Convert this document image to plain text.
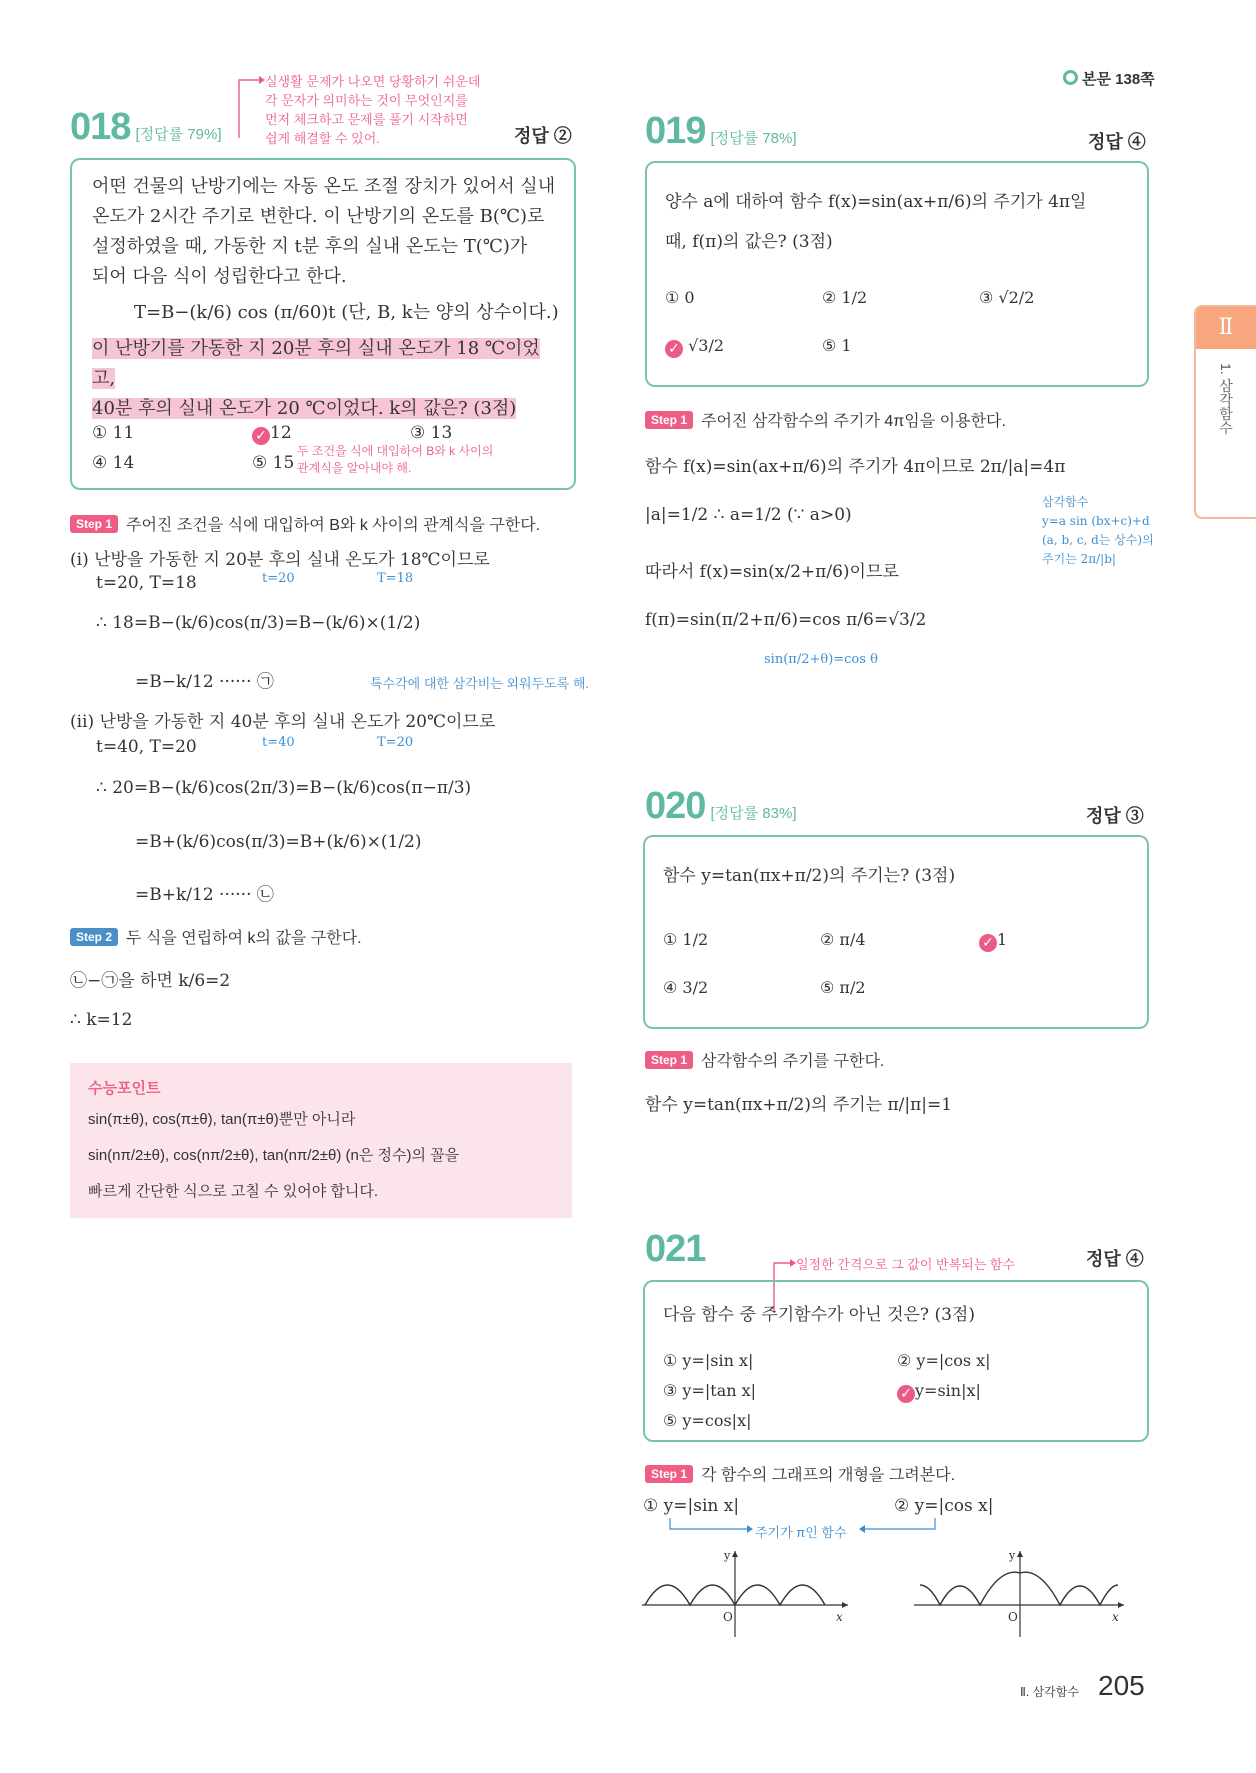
본문 138쪽
Ⅱ
1. 삼각함수
018 [정답률 79%]	정답 ②
실생활 문제가 나오면 당황하기 쉬운데
각 문자가 의미하는 것이 무엇인지를
먼저 체크하고 문제를 풀기 시작하면
쉽게 해결할 수 있어.
어떤 건물의 난방기에는 자동 온도 조절 장치가 있어서 실내
온도가 2시간 주기로 변한다. 이 난방기의 온도를 B(℃)로
설정하였을 때, 가동한 지 t분 후의 실내 온도는 T(℃)가
되어 다음 식이 성립한다고 한다.
T=B−(k/6) cos (π/60)t (단, B, k는 양의 상수이다.)
이 난방기를 가동한 지 20분 후의 실내 온도가 18 ℃이었고,
40분 후의 실내 온도가 20 ℃이었다. k의 값은? (3점)
① 11	✓ 12	③ 13
④ 14	⑤ 15
두 조건을 식에 대입하여 B와 k 사이의
관계식을 알아내야 해.
Step 1 주어진 조건을 식에 대입하여 B와 k 사이의 관계식을 구한다.
(ⅰ) 난방을 가동한 지 20분 후의 실내 온도가 18℃이므로
t=20, T=18	t=20	T=18
∴ 18=B−(k/6)cos(π/3)=B−(k/6)×(1/2)
=B−k/12 ······ ㉠	특수각에 대한 삼각비는 외워두도록 해.
(ⅱ) 난방을 가동한 지 40분 후의 실내 온도가 20℃이므로
t=40, T=20	t=40	T=20
∴ 20=B−(k/6)cos(2π/3)=B−(k/6)cos(π−π/3)
=B+(k/6)cos(π/3)=B+(k/6)×(1/2)
=B+k/12 ······ ㉡
Step 2 두 식을 연립하여 k의 값을 구한다.
㉡−㉠을 하면 k/6=2
∴ k=12
수능포인트
sin(π±θ), cos(π±θ), tan(π±θ)뿐만 아니라
sin(nπ/2±θ), cos(nπ/2±θ), tan(nπ/2±θ) (n은 정수)의 꼴을
빠르게 간단한 식으로 고칠 수 있어야 합니다.
019 [정답률 78%]	정답 ④
양수 a에 대하여 함수 f(x)=sin(ax+π/6)의 주기가 4π일
때, f(π)의 값은? (3점)
① 0	② 1/2	③ √2/2
✓ √3/2	⑤ 1
Step 1 주어진 삼각함수의 주기가 4π임을 이용한다.
함수 f(x)=sin(ax+π/6)의 주기가 4π이므로 2π/|a|=4π
|a|=1/2 ∴ a=1/2 (∵ a>0)
따라서 f(x)=sin(x/2+π/6)이므로
f(π)=sin(π/2+π/6)=cos π/6=√3/2
삼각함수
y=a sin (bx+c)+d
(a, b, c, d는 상수)의
주기는 2π/|b|
sin(π/2+θ)=cos θ
020 [정답률 83%]	정답 ③
함수 y=tan(πx+π/2)의 주기는? (3점)
① 1/2	② π/4	✓ 1
④ 3/2	⑤ π/2
Step 1 삼각함수의 주기를 구한다.
함수 y=tan(πx+π/2)의 주기는 π/|π|=1
021	정답 ④
일정한 간격으로 그 값이 반복되는 함수
다음 함수 중 주기함수가 아닌 것은? (3점)
① y=|sin x|	② y=|cos x|
③ y=|tan x|	✓ y=sin|x|
⑤ y=cos|x|
Step 1 각 함수의 그래프의 개형을 그려본다.
① y=|sin x|	② y=|cos x|
주기가 π인 함수
y
x
O
y
x
O
Ⅱ. 삼각함수 205
